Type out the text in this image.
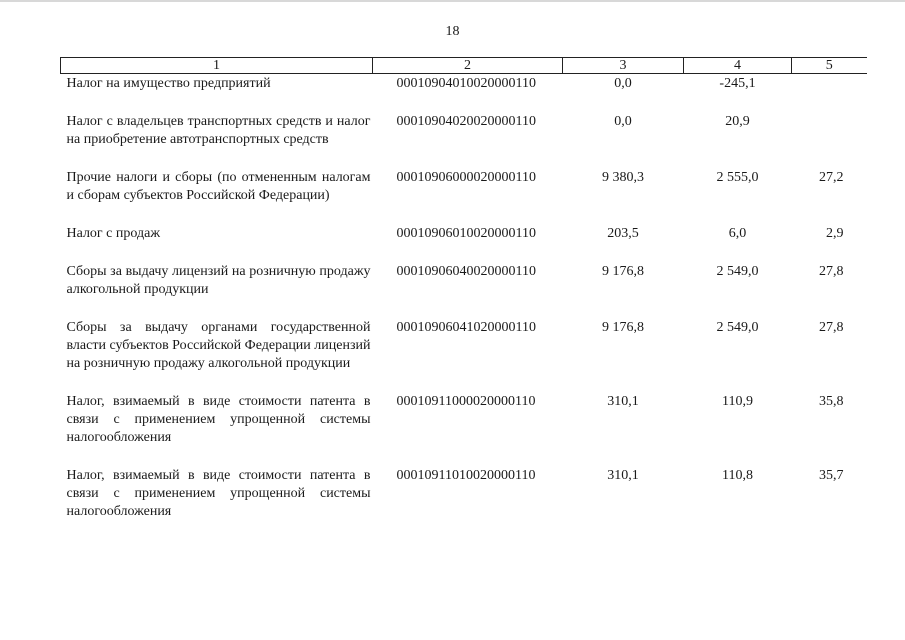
18
1	2	3	4	5
Налог на имущество предприятий	00010904010020000110	0,0	-245,1	
Налог с владельцев транспортных средств и налог на приобретение автотранспортных средств	00010904020020000110	0,0	20,9	
Прочие налоги и сборы (по отмененным налогам и сборам субъектов Российской Федерации)	00010906000020000110	9 380,3	2 555,0	27,2
Налог с продаж	00010906010020000110	203,5	6,0	2,9
Сборы за выдачу лицензий на розничную продажу алкогольной продукции	00010906040020000110	9 176,8	2 549,0	27,8
Сборы за выдачу органами государственной власти субъектов Российской Федерации лицензий на розничную продажу алкогольной продукции	00010906041020000110	9 176,8	2 549,0	27,8
Налог, взимаемый в виде стоимости патента в связи с применением упрощенной системы налогообложения	00010911000020000110	310,1	110,9	35,8
Налог, взимаемый в виде стоимости патента в связи с применением упрощенной системы налогообложения	00010911010020000110	310,1	110,8	35,7
